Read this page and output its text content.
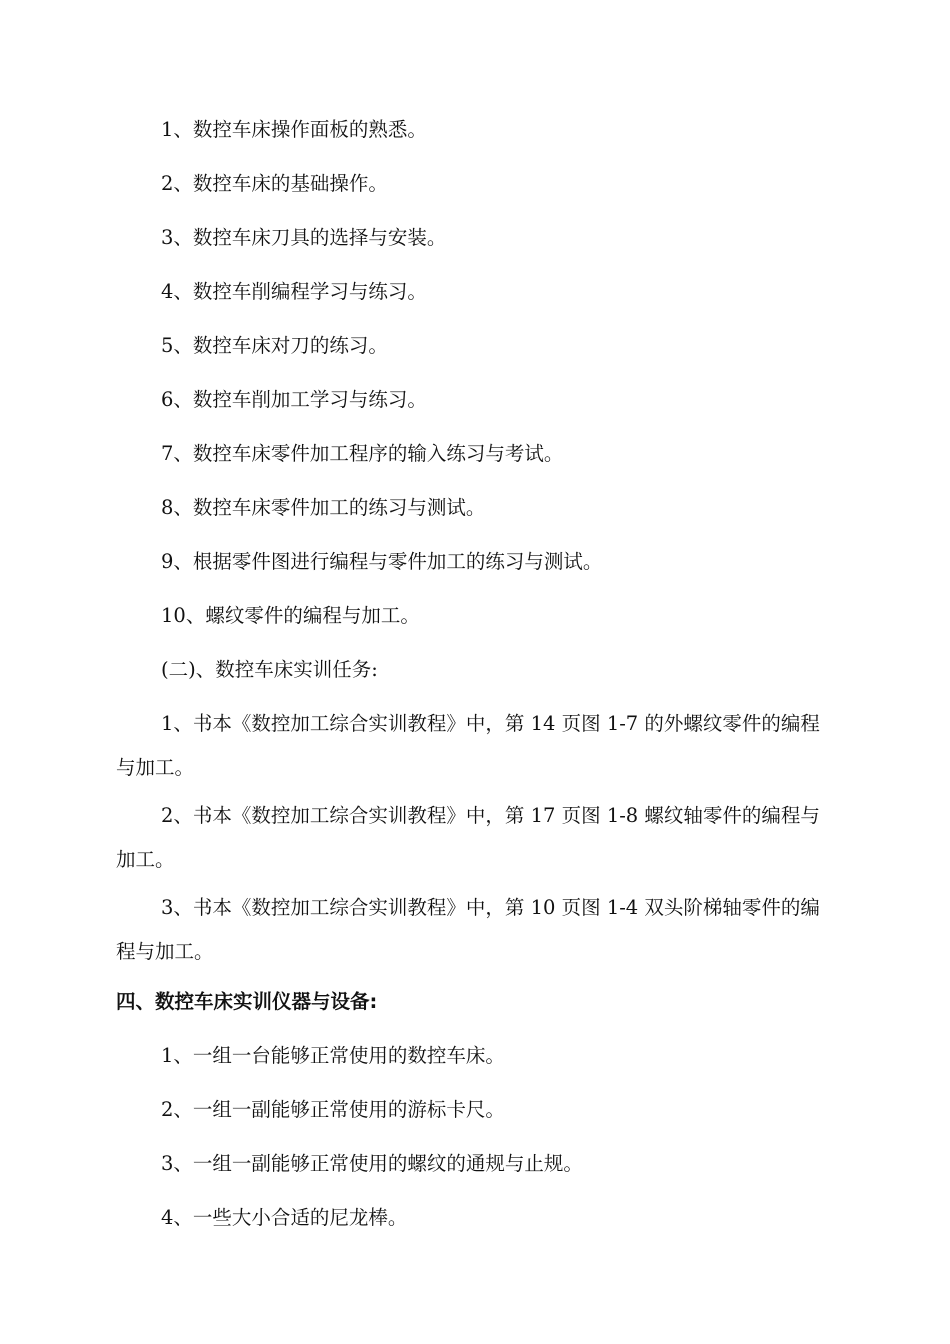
1、数控车床操作面板的熟悉。

2、数控车床的基础操作。

3、数控车床刀具的选择与安装。

4、数控车削编程学习与练习。

5、数控车床对刀的练习。

6、数控车削加工学习与练习。

7、数控车床零件加工程序的输入练习与考试。

8、数控车床零件加工的练习与测试。

9、根据零件图进行编程与零件加工的练习与测试。

10、螺纹零件的编程与加工。

(二)、数控车床实训任务:

1、书本《数控加工综合实训教程》中，第 14 页图 1-7 的外螺纹零件的编程与加工。

2、书本《数控加工综合实训教程》中，第 17 页图 1-8 螺纹轴零件的编程与加工。

3、书本《数控加工综合实训教程》中，第 10 页图 1-4 双头阶梯轴零件的编程与加工。

四、数控车床实训仪器与设备:

1、一组一台能够正常使用的数控车床。

2、一组一副能够正常使用的游标卡尺。

3、一组一副能够正常使用的螺纹的通规与止规。

4、一些大小合适的尼龙棒。
